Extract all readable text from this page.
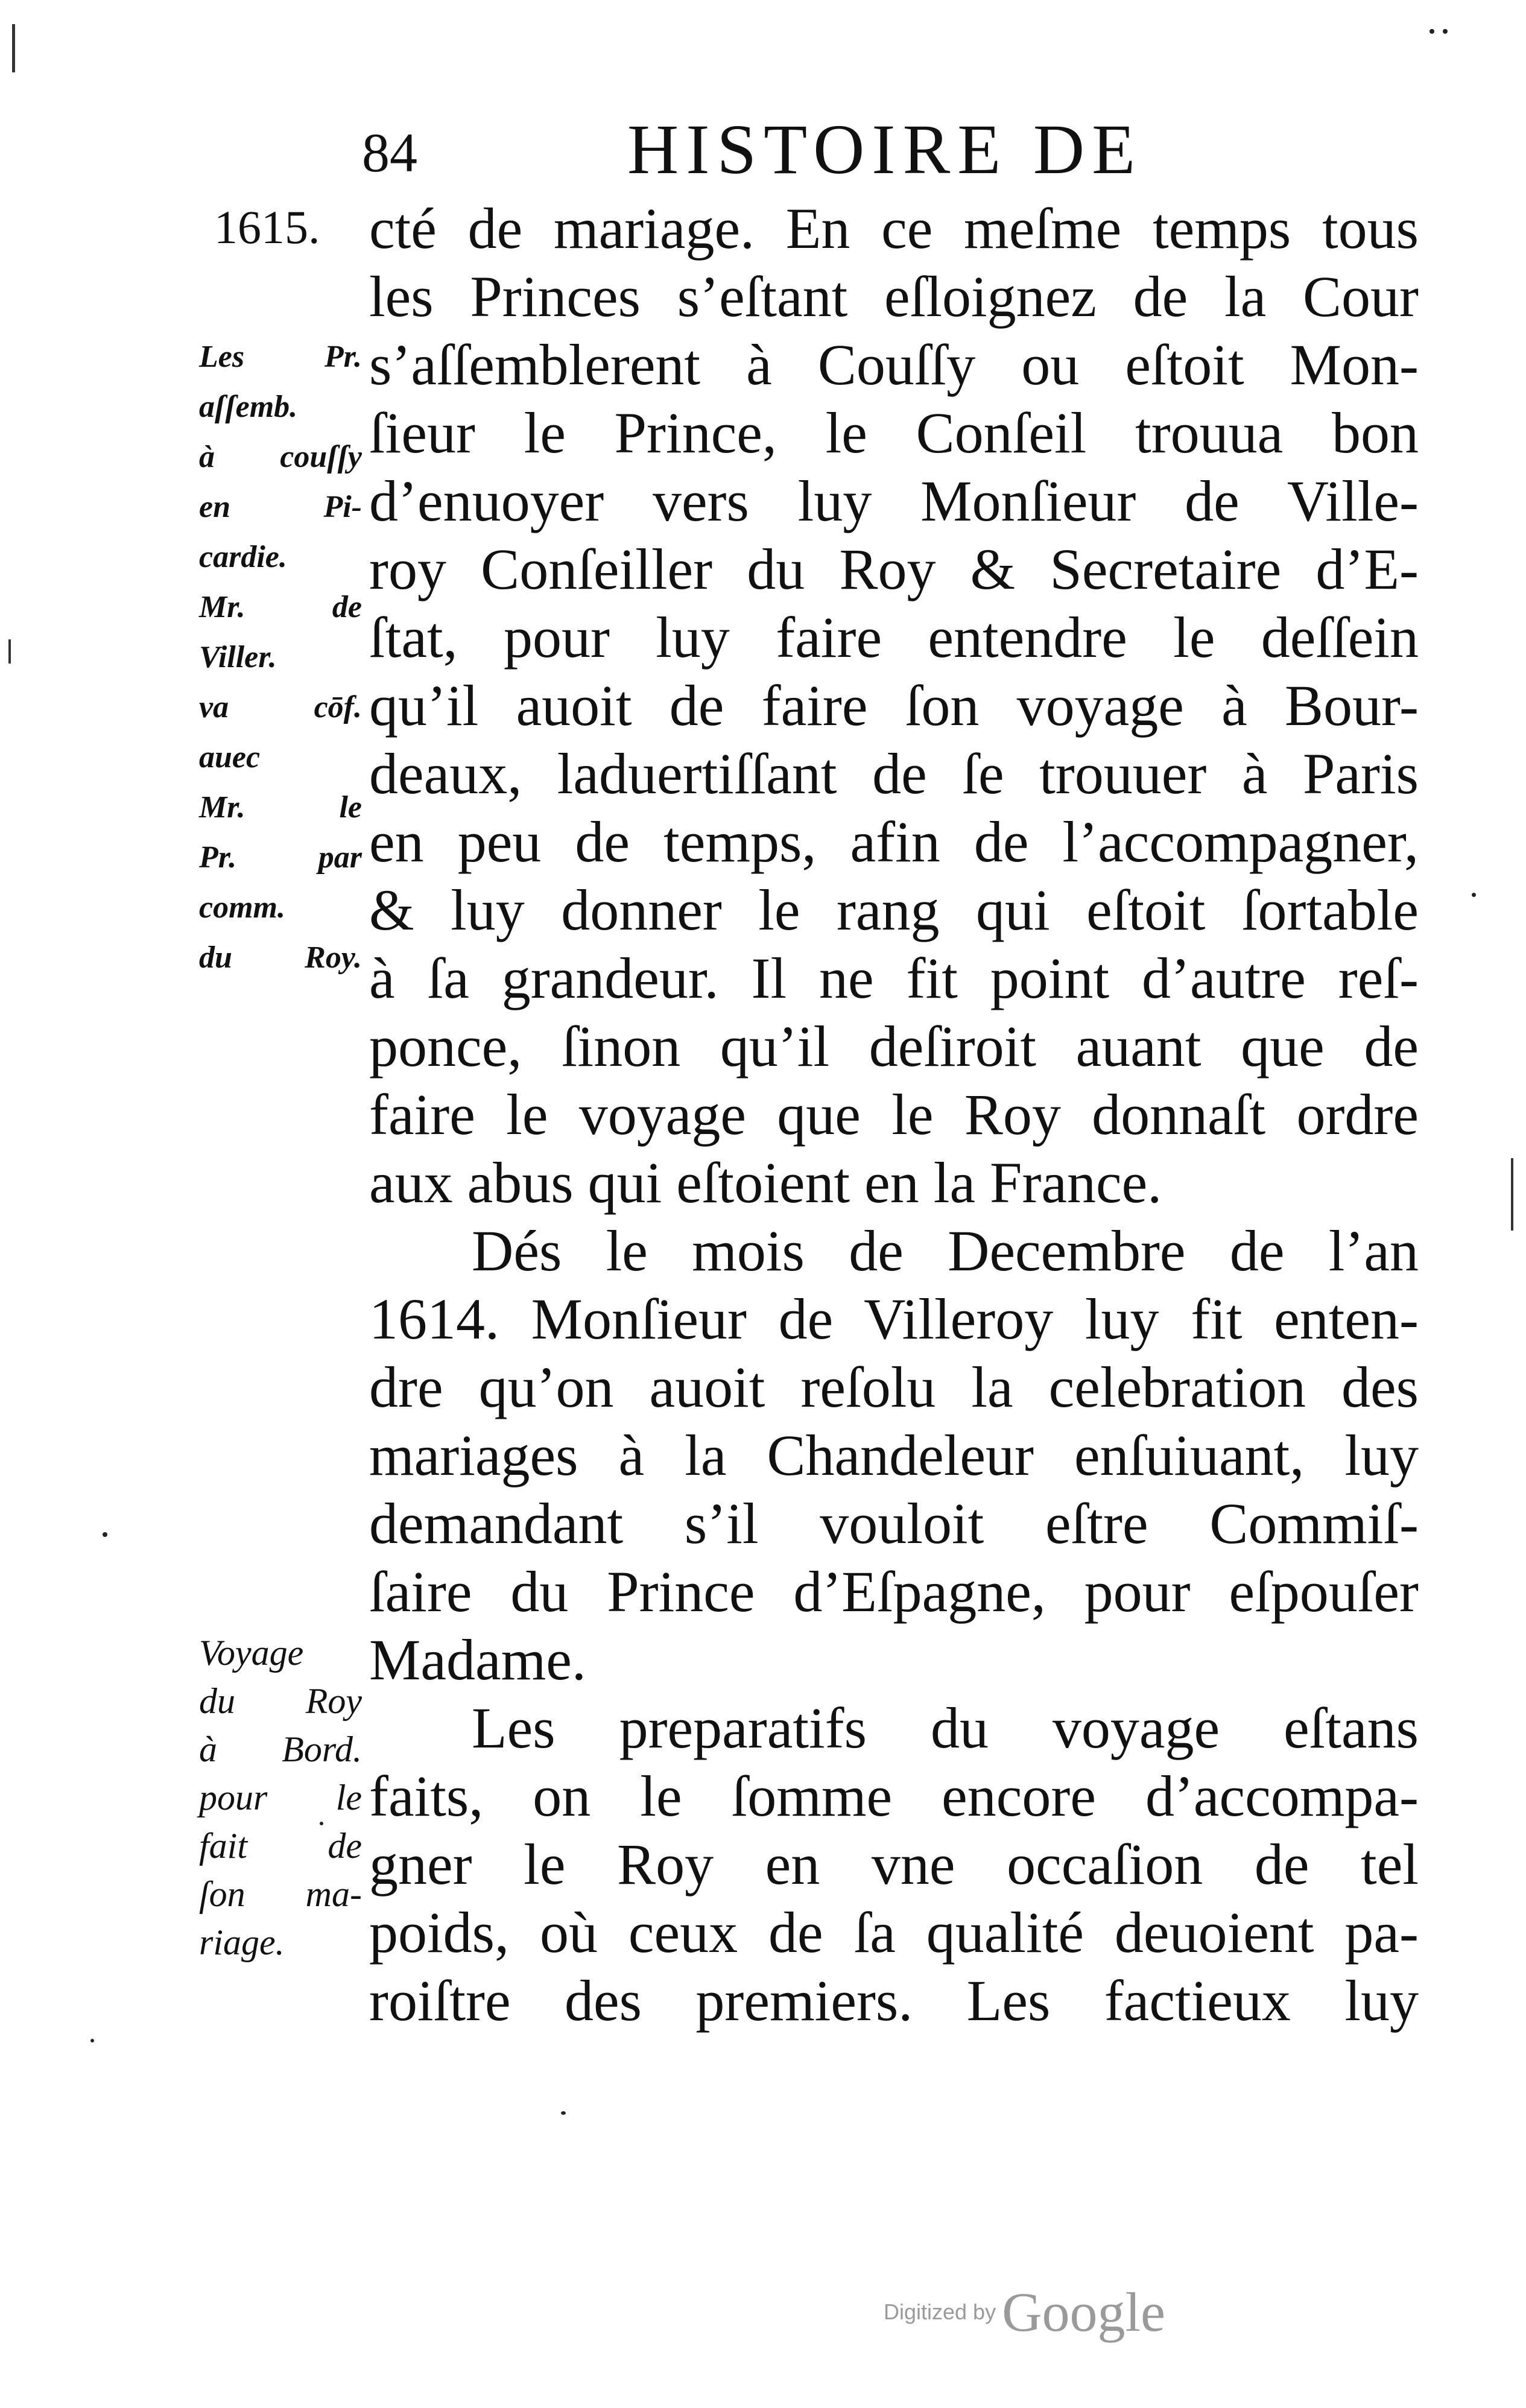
84	HISTOIRE DE
1615. cté de mariage. En ce meſme temps tous
les Princes s’eſtant eſloignez de la Cour
s’aſſemblerent à Couſſy ou eſtoit Mon-
ſieur le Prince, le Conſeil trouua bon
d’enuoyer vers luy Monſieur de Ville-
roy Conſeiller du Roy & Secretaire d’E-
ſtat, pour luy faire entendre le deſſein
qu’il auoit de faire ſon voyage à Bour-
deaux, laduertiſſant de ſe trouuer à Paris
en peu de temps, afin de l’accompagner,
& luy donner le rang qui eſtoit ſortable
à ſa grandeur. Il ne fit point d’autre reſ-
ponce, ſinon qu’il deſiroit auant que de
faire le voyage que le Roy donnaſt ordre
aux abus qui eſtoient en la France.
Dés le mois de Decembre de l’an
1614. Monſieur de Villeroy luy fit enten-
dre qu’on auoit reſolu la celebration des
mariages à la Chandeleur enſuiuant, luy
demandant s’il vouloit eſtre Commiſ-
ſaire du Prince d’Eſpagne, pour eſpouſer
Madame.
Les preparatifs du voyage eſtans
faits, on le ſomme encore d’accompa-
gner le Roy en vne occaſion de tel
poids, où ceux de ſa qualité deuoient pa-
roiſtre des premiers. Les factieux luy
Les Pr.
aſſemb.
à couſſy
en Pi-
cardie.
Mr. de
Viller.
va cōf.
auec
Mr. le
Pr. par
comm.
du Roy.
Voyage
du Roy
à Bord.
pour le
fait de
ſon ma-
riage.
Digitized by Google
